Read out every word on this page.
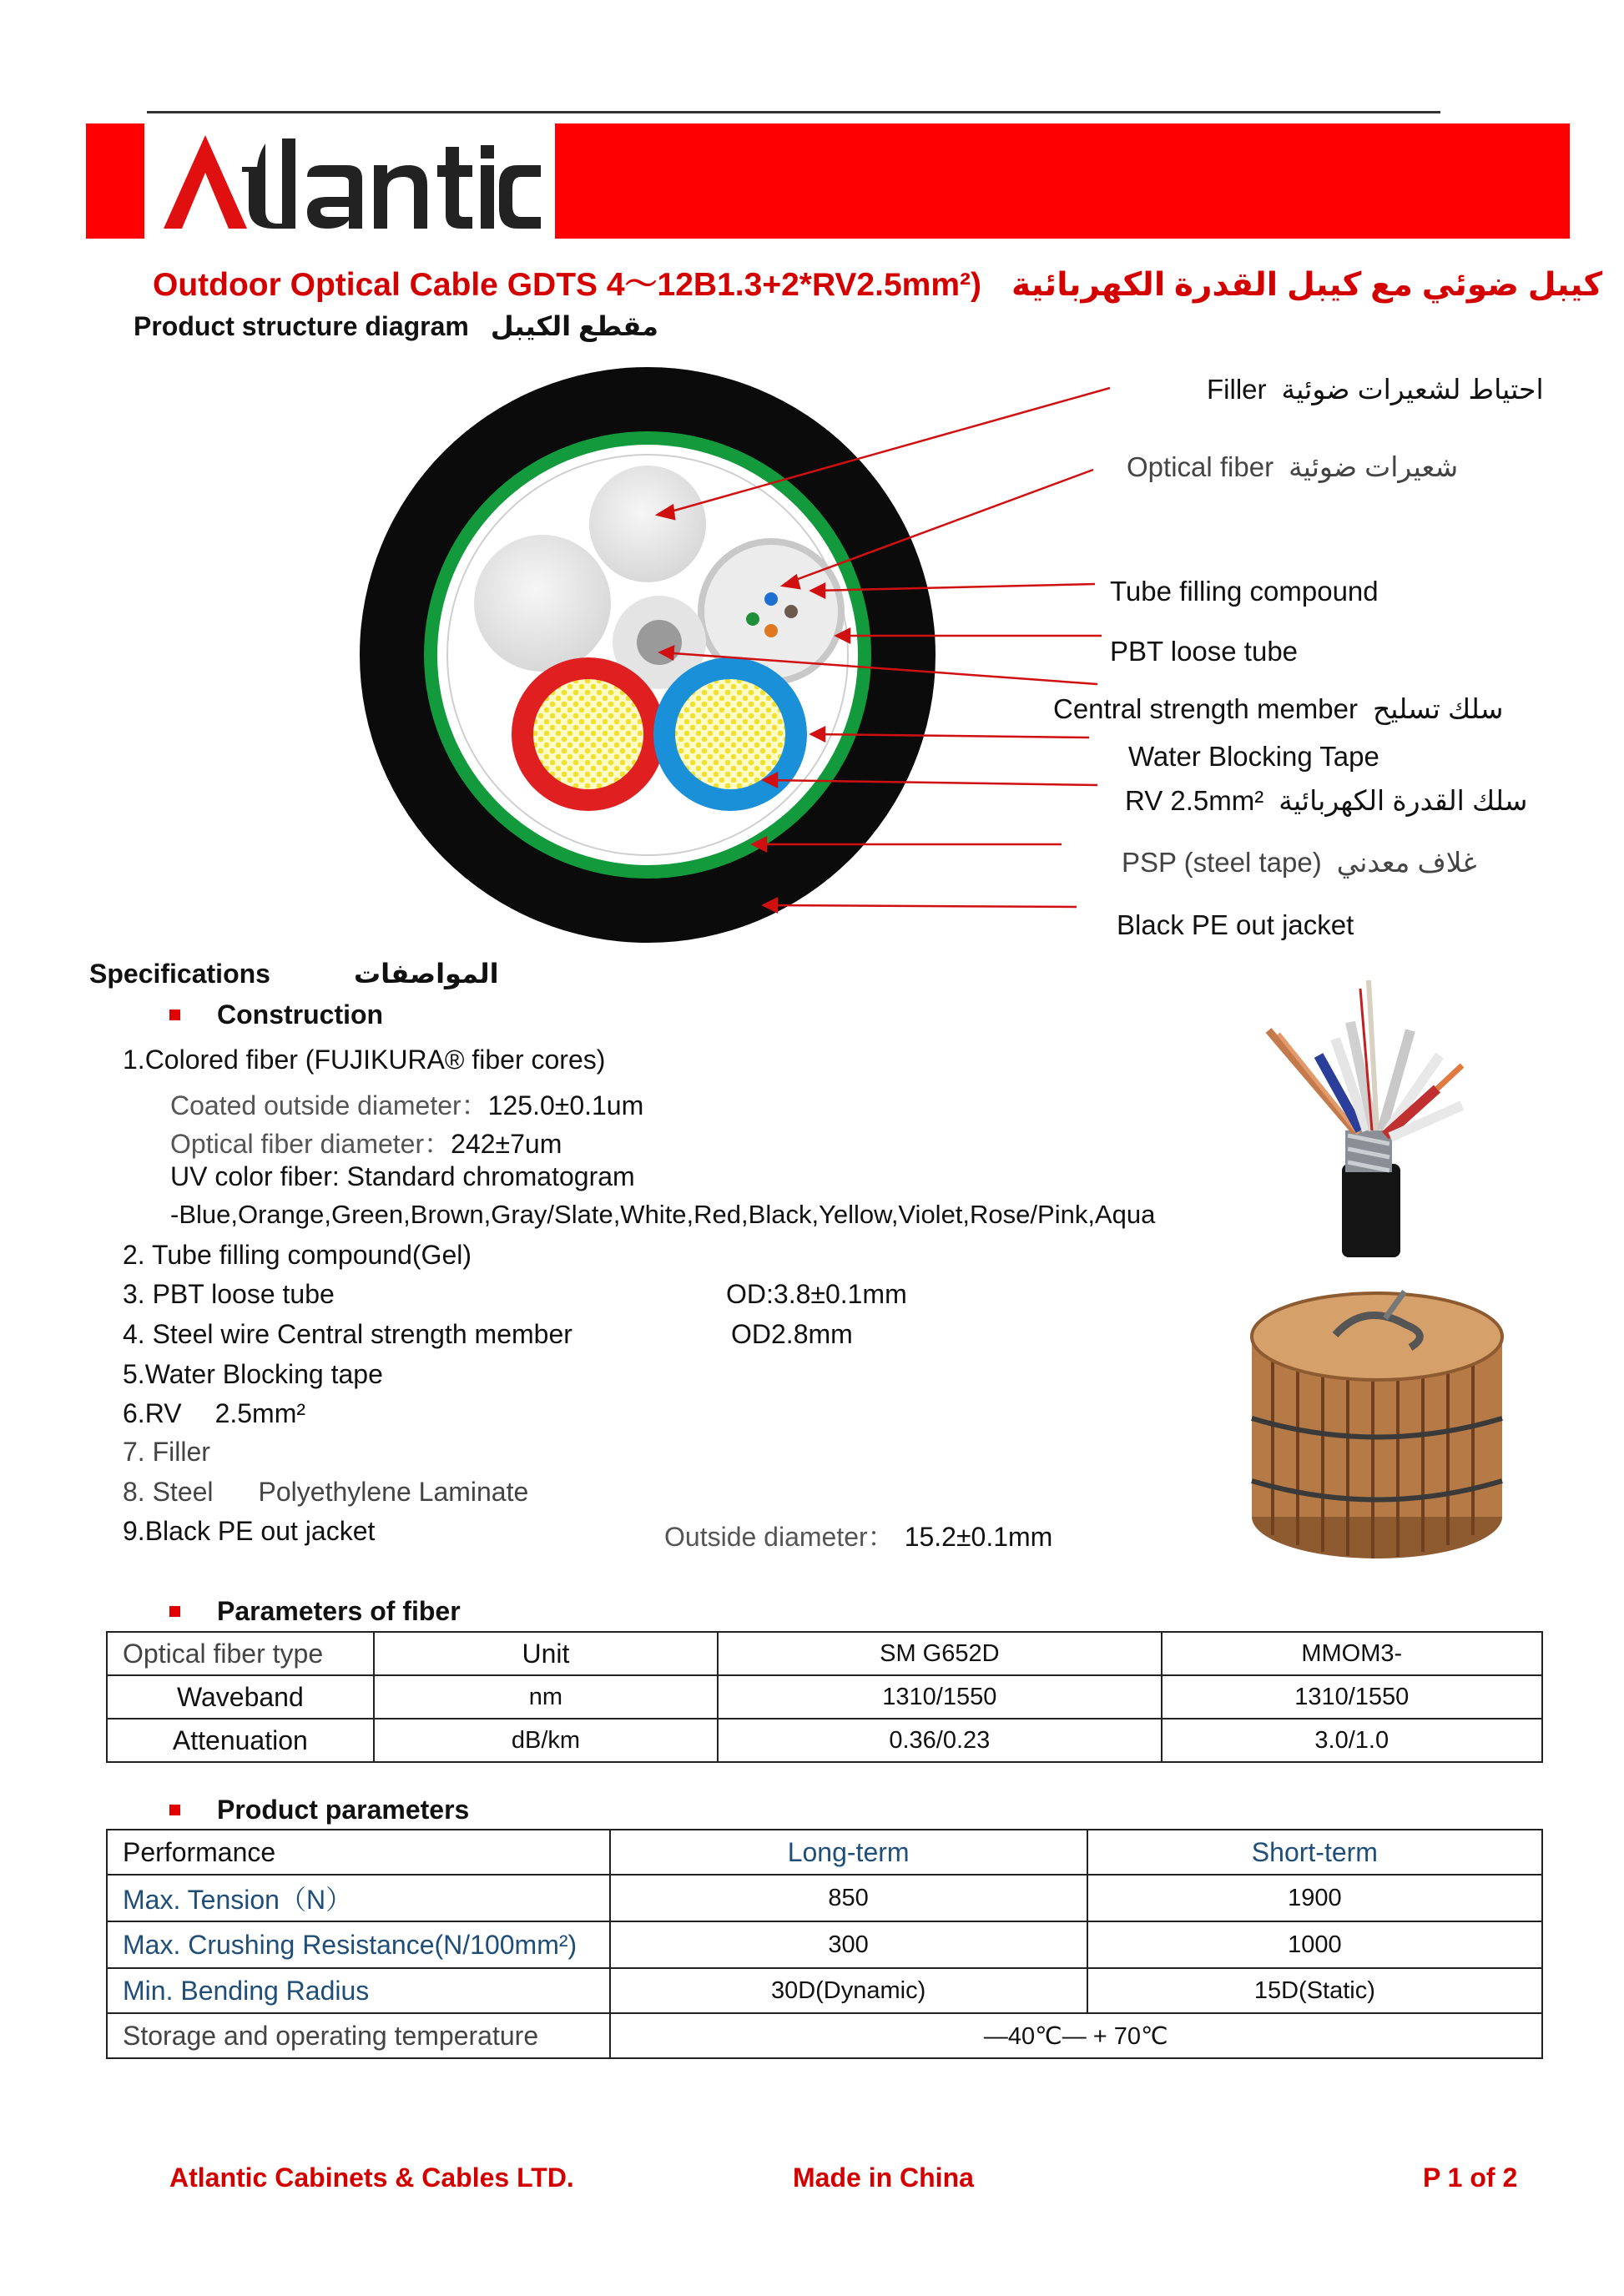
Outdoor Optical Cable GDTS 4～12B1.3+2*RV2.5mm²) كيبل ضوئي مع كيبل القدرة الكهربائية
Product structure diagram مقطع الكيبل
Filler احتياط لشعيرات ضوئية
Optical fiber شعيرات ضوئية
Tube filling compound
PBT loose tube
Central strength member سلك تسليح
Water Blocking Tape
RV 2.5mm² سلك القدرة الكهربائية
PSP (steel tape) غلاف معدني
Black PE out jacket
Specifications	المواصفات
Construction
1.Colored fiber (FUJIKURA® fiber cores)
Coated outside diameter：125.0±0.1um
Optical fiber diameter：242±7um
UV color fiber: Standard chromatogram
-Blue,Orange,Green,Brown,Gray/Slate,White,Red,Black,Yellow,Violet,Rose/Pink,Aqua
2. Tube filling compound(Gel)
3. PBT loose tube	OD:3.8±0.1mm
4. Steel wire Central strength member	OD2.8mm
5.Water Blocking tape
6.RV 2.5mm²
7. Filler
8. Steel Polyethylene Laminate
9.Black PE out jacket	Outside diameter： 15.2±0.1mm
Parameters of fiber
Optical fiber type	Unit	SM G652D	MMOM3-
Waveband	nm	1310/1550	1310/1550
Attenuation	dB/km	0.36/0.23	3.0/1.0
Product parameters
Performance	Long-term	Short-term
Max. Tension（N）	850	1900
Max. Crushing Resistance(N/100mm²)	300	1000
Min. Bending Radius	30D(Dynamic)	15D(Static)
Storage and operating temperature	—40℃— + 70℃	
Atlantic Cabinets & Cables LTD.	Made in China	P 1 of 2
